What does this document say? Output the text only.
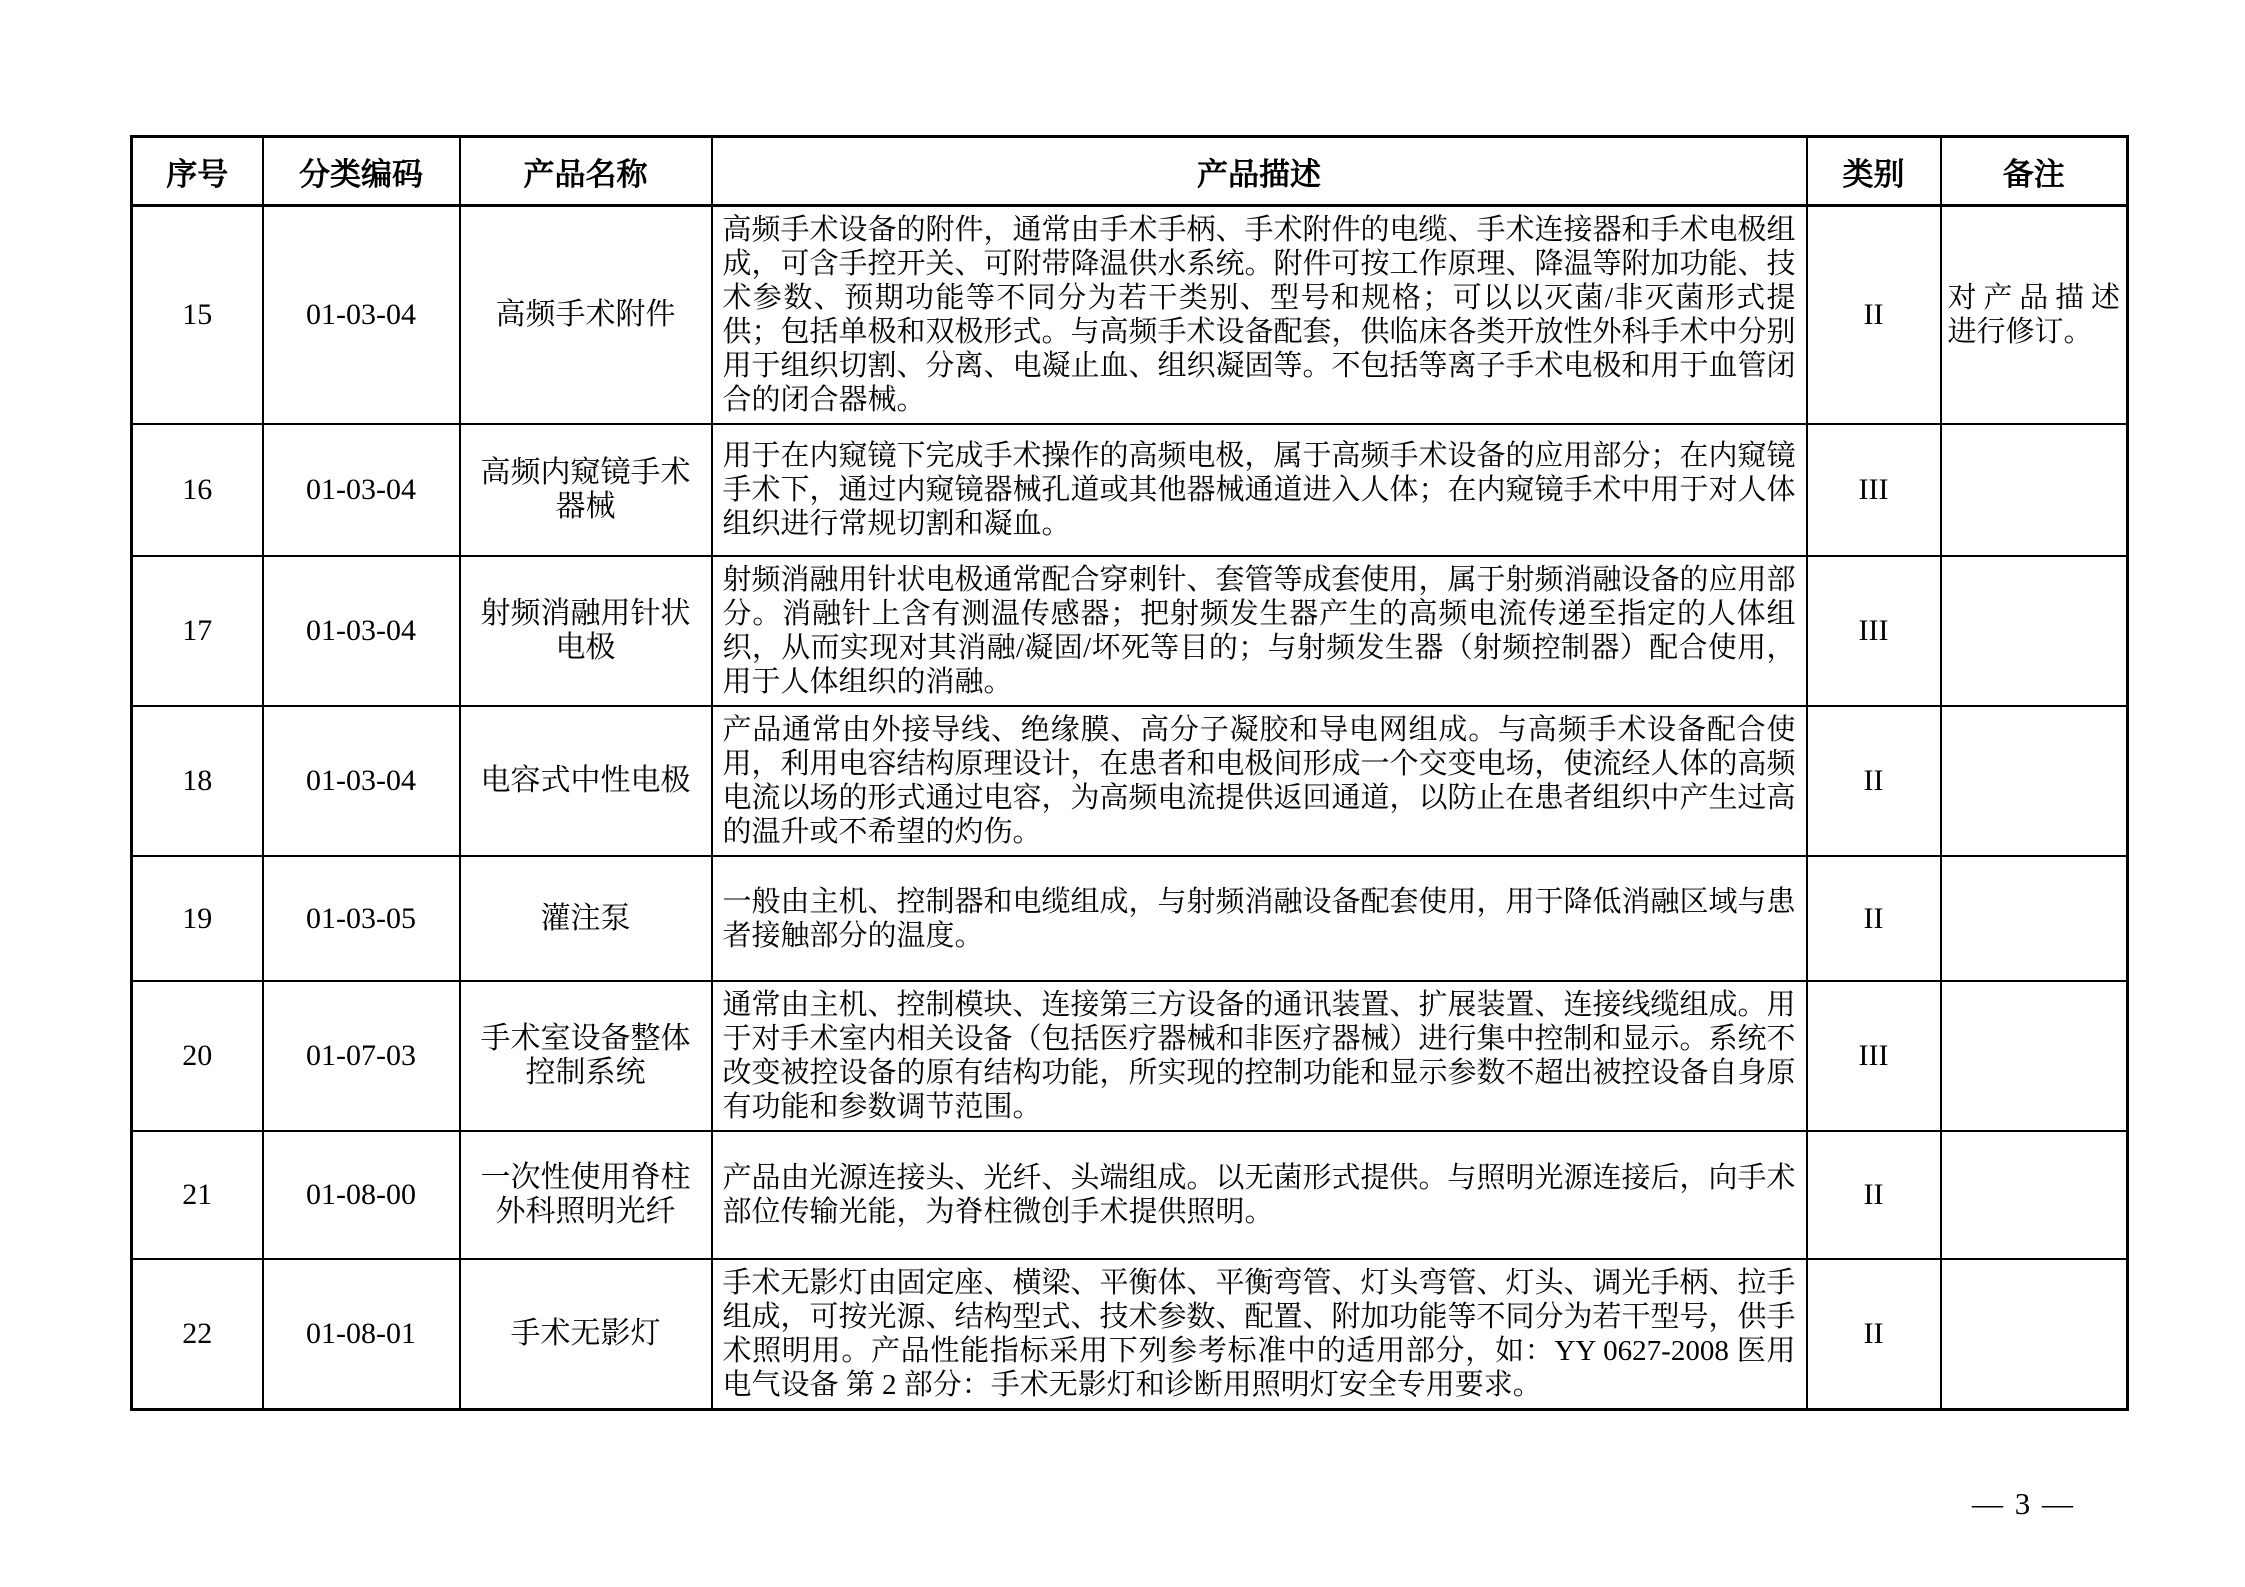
序号	分类编码	产品名称	产品描述	类别	备注
15	01-03-04	高频手术附件	高频手术设备的附件，通常由手术手柄、手术附件的电缆、手术连接器和手术电极组成，可含手控开关、可附带降温供水系统。附件可按工作原理、降温等附加功能、技术参数、预期功能等不同分为若干类别、型号和规格；可以以灭菌/非灭菌形式提供；包括单极和双极形式。与高频手术设备配套，供临床各类开放性外科手术中分别用于组织切割、分离、电凝止血、组织凝固等。不包括等离子手术电极和用于血管闭合的闭合器械。	II	对产品描述进行修订。
16	01-03-04	高频内窥镜手术器械	用于在内窥镜下完成手术操作的高频电极，属于高频手术设备的应用部分；在内窥镜手术下，通过内窥镜器械孔道或其他器械通道进入人体；在内窥镜手术中用于对人体组织进行常规切割和凝血。	III	
17	01-03-04	射频消融用针状电极	射频消融用针状电极通常配合穿刺针、套管等成套使用，属于射频消融设备的应用部分。消融针上含有测温传感器；把射频发生器产生的高频电流传递至指定的人体组织，从而实现对其消融/凝固/坏死等目的；与射频发生器（射频控制器）配合使用，用于人体组织的消融。	III	
18	01-03-04	电容式中性电极	产品通常由外接导线、绝缘膜、高分子凝胶和导电网组成。与高频手术设备配合使用，利用电容结构原理设计，在患者和电极间形成一个交变电场，使流经人体的高频电流以场的形式通过电容，为高频电流提供返回通道，以防止在患者组织中产生过高的温升或不希望的灼伤。	II	
19	01-03-05	灌注泵	一般由主机、控制器和电缆组成，与射频消融设备配套使用，用于降低消融区域与患者接触部分的温度。	II	
20	01-07-03	手术室设备整体控制系统	通常由主机、控制模块、连接第三方设备的通讯装置、扩展装置、连接线缆组成。用于对手术室内相关设备（包括医疗器械和非医疗器械）进行集中控制和显示。系统不改变被控设备的原有结构功能，所实现的控制功能和显示参数不超出被控设备自身原有功能和参数调节范围。	III	
21	01-08-00	一次性使用脊柱外科照明光纤	产品由光源连接头、光纤、头端组成。以无菌形式提供。与照明光源连接后，向手术部位传输光能，为脊柱微创手术提供照明。	II	
22	01-08-01	手术无影灯	手术无影灯由固定座、横梁、平衡体、平衡弯管、灯头弯管、灯头、调光手柄、拉手组成，可按光源、结构型式、技术参数、配置、附加功能等不同分为若干型号，供手术照明用。产品性能指标采用下列参考标准中的适用部分，如：YY 0627-2008 医用电气设备 第 2 部分：手术无影灯和诊断用照明灯安全专用要求。	II	
— 3 —
